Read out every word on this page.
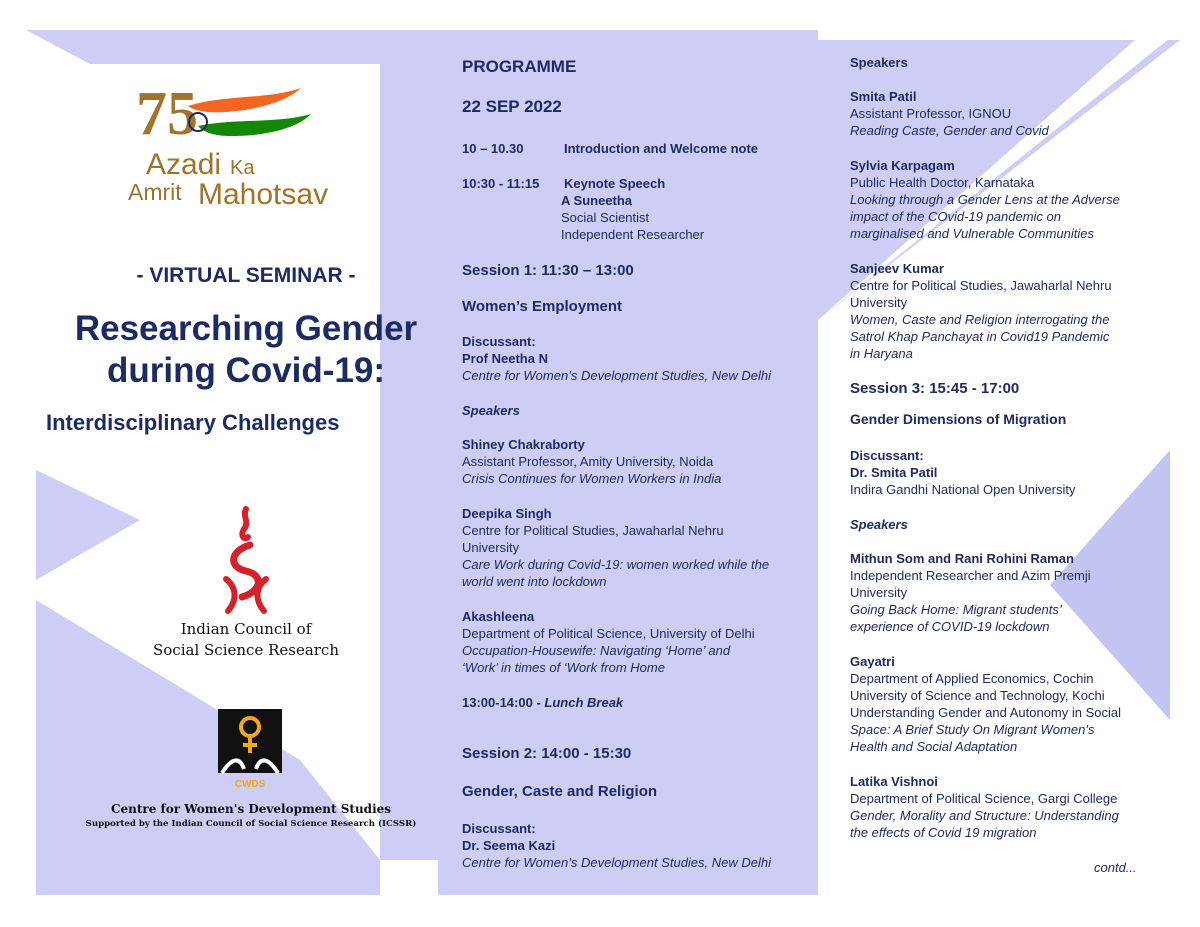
75
Azadi Ka
Amrit Mahotsav
- VIRTUAL SEMINAR -
Researching Gender
during Covid-19:
Interdisciplinary Challenges
Indian Council of
Social Science Research
CWDS
Centre for Women's Development Studies
Supported by the Indian Council of Social Science Research (ICSSR)
PROGRAMME
22 SEP 2022
10 – 10.30	Introduction and Welcome note
10:30 - 11:15 Keynote Speech
A Suneetha
Social Scientist
Independent Researcher
Session 1: 11:30 – 13:00
Women’s Employment
Discussant:
Prof Neetha N
Centre for Women’s Development Studies, New Delhi
Speakers
Shiney Chakraborty
Assistant Professor, Amity University, Noida
Crisis Continues for Women Workers in India
Deepika Singh
Centre for Political Studies, Jawaharlal Nehru
University
Care Work during Covid-19: women worked while the
world went into lockdown
Akashleena
Department of Political Science, University of Delhi
Occupation-Housewife: Navigating ‘Home’ and
‘Work’ in times of ‘Work from Home
13:00-14:00 - Lunch Break
Session 2: 14:00 - 15:30
Gender, Caste and Religion
Discussant:
Dr. Seema Kazi
Centre for Women’s Development Studies, New Delhi
Speakers
Smita Patil
Assistant Professor, IGNOU
Reading Caste, Gender and Covid
Sylvia Karpagam
Public Health Doctor, Karnataka
Looking through a Gender Lens at the Adverse
impact of the COvid-19 pandemic on
marginalised and Vulnerable Communities
Sanjeev Kumar
Centre for Political Studies, Jawaharlal Nehru
University
Women, Caste and Religion interrogating the
Satrol Khap Panchayat in Covid19 Pandemic
in Haryana
Session 3: 15:45 - 17:00
Gender Dimensions of Migration
Discussant:
Dr. Smita Patil
Indira Gandhi National Open University
Speakers
Mithun Som and Rani Rohini Raman
Independent Researcher and Azim Premji
University
Going Back Home: Migrant students’
experience of COVID-19 lockdown
Gayatri
Department of Applied Economics, Cochin
University of Science and Technology, Kochi
Understanding Gender and Autonomy in Social
Space: A Brief Study On Migrant Women’s
Health and Social Adaptation
Latika Vishnoi
Department of Political Science, Gargi College
Gender, Morality and Structure: Understanding
the effects of Covid 19 migration
contd...
